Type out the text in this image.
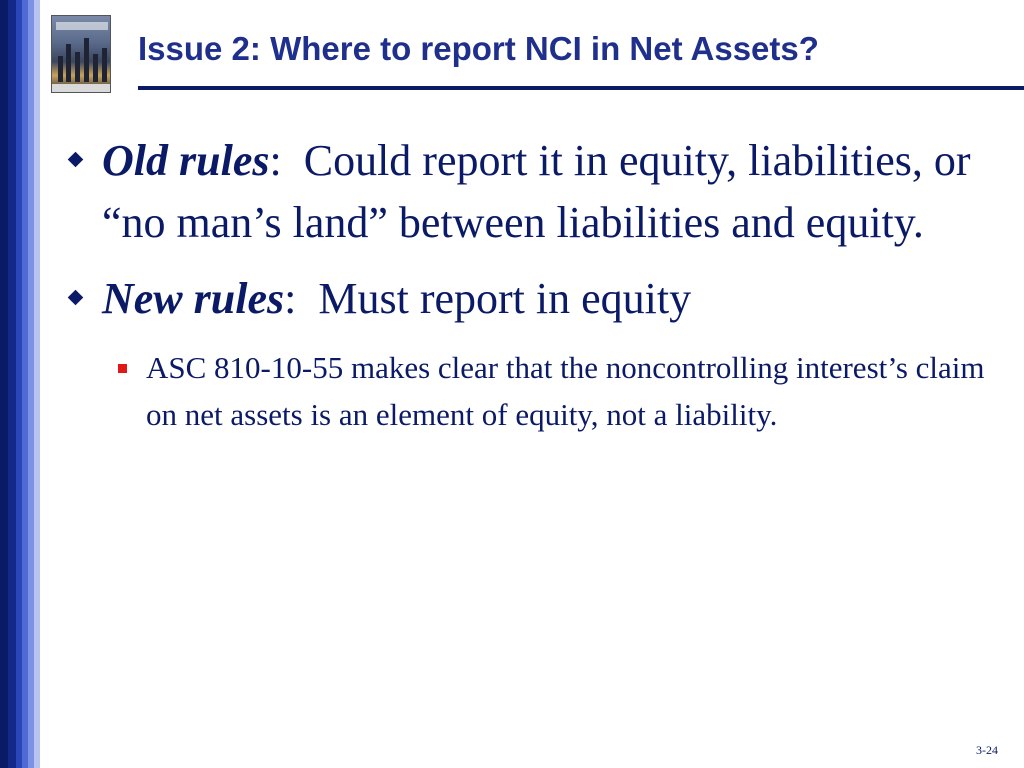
Issue 2: Where to report NCI in Net Assets?
Old rules:  Could report it in equity, liabilities, or “no man’s land” between liabilities and equity.
New rules:  Must report in equity
ASC 810-10-55 makes clear that the noncontrolling interest’s claim on net assets is an element of equity, not a liability.
3-24
